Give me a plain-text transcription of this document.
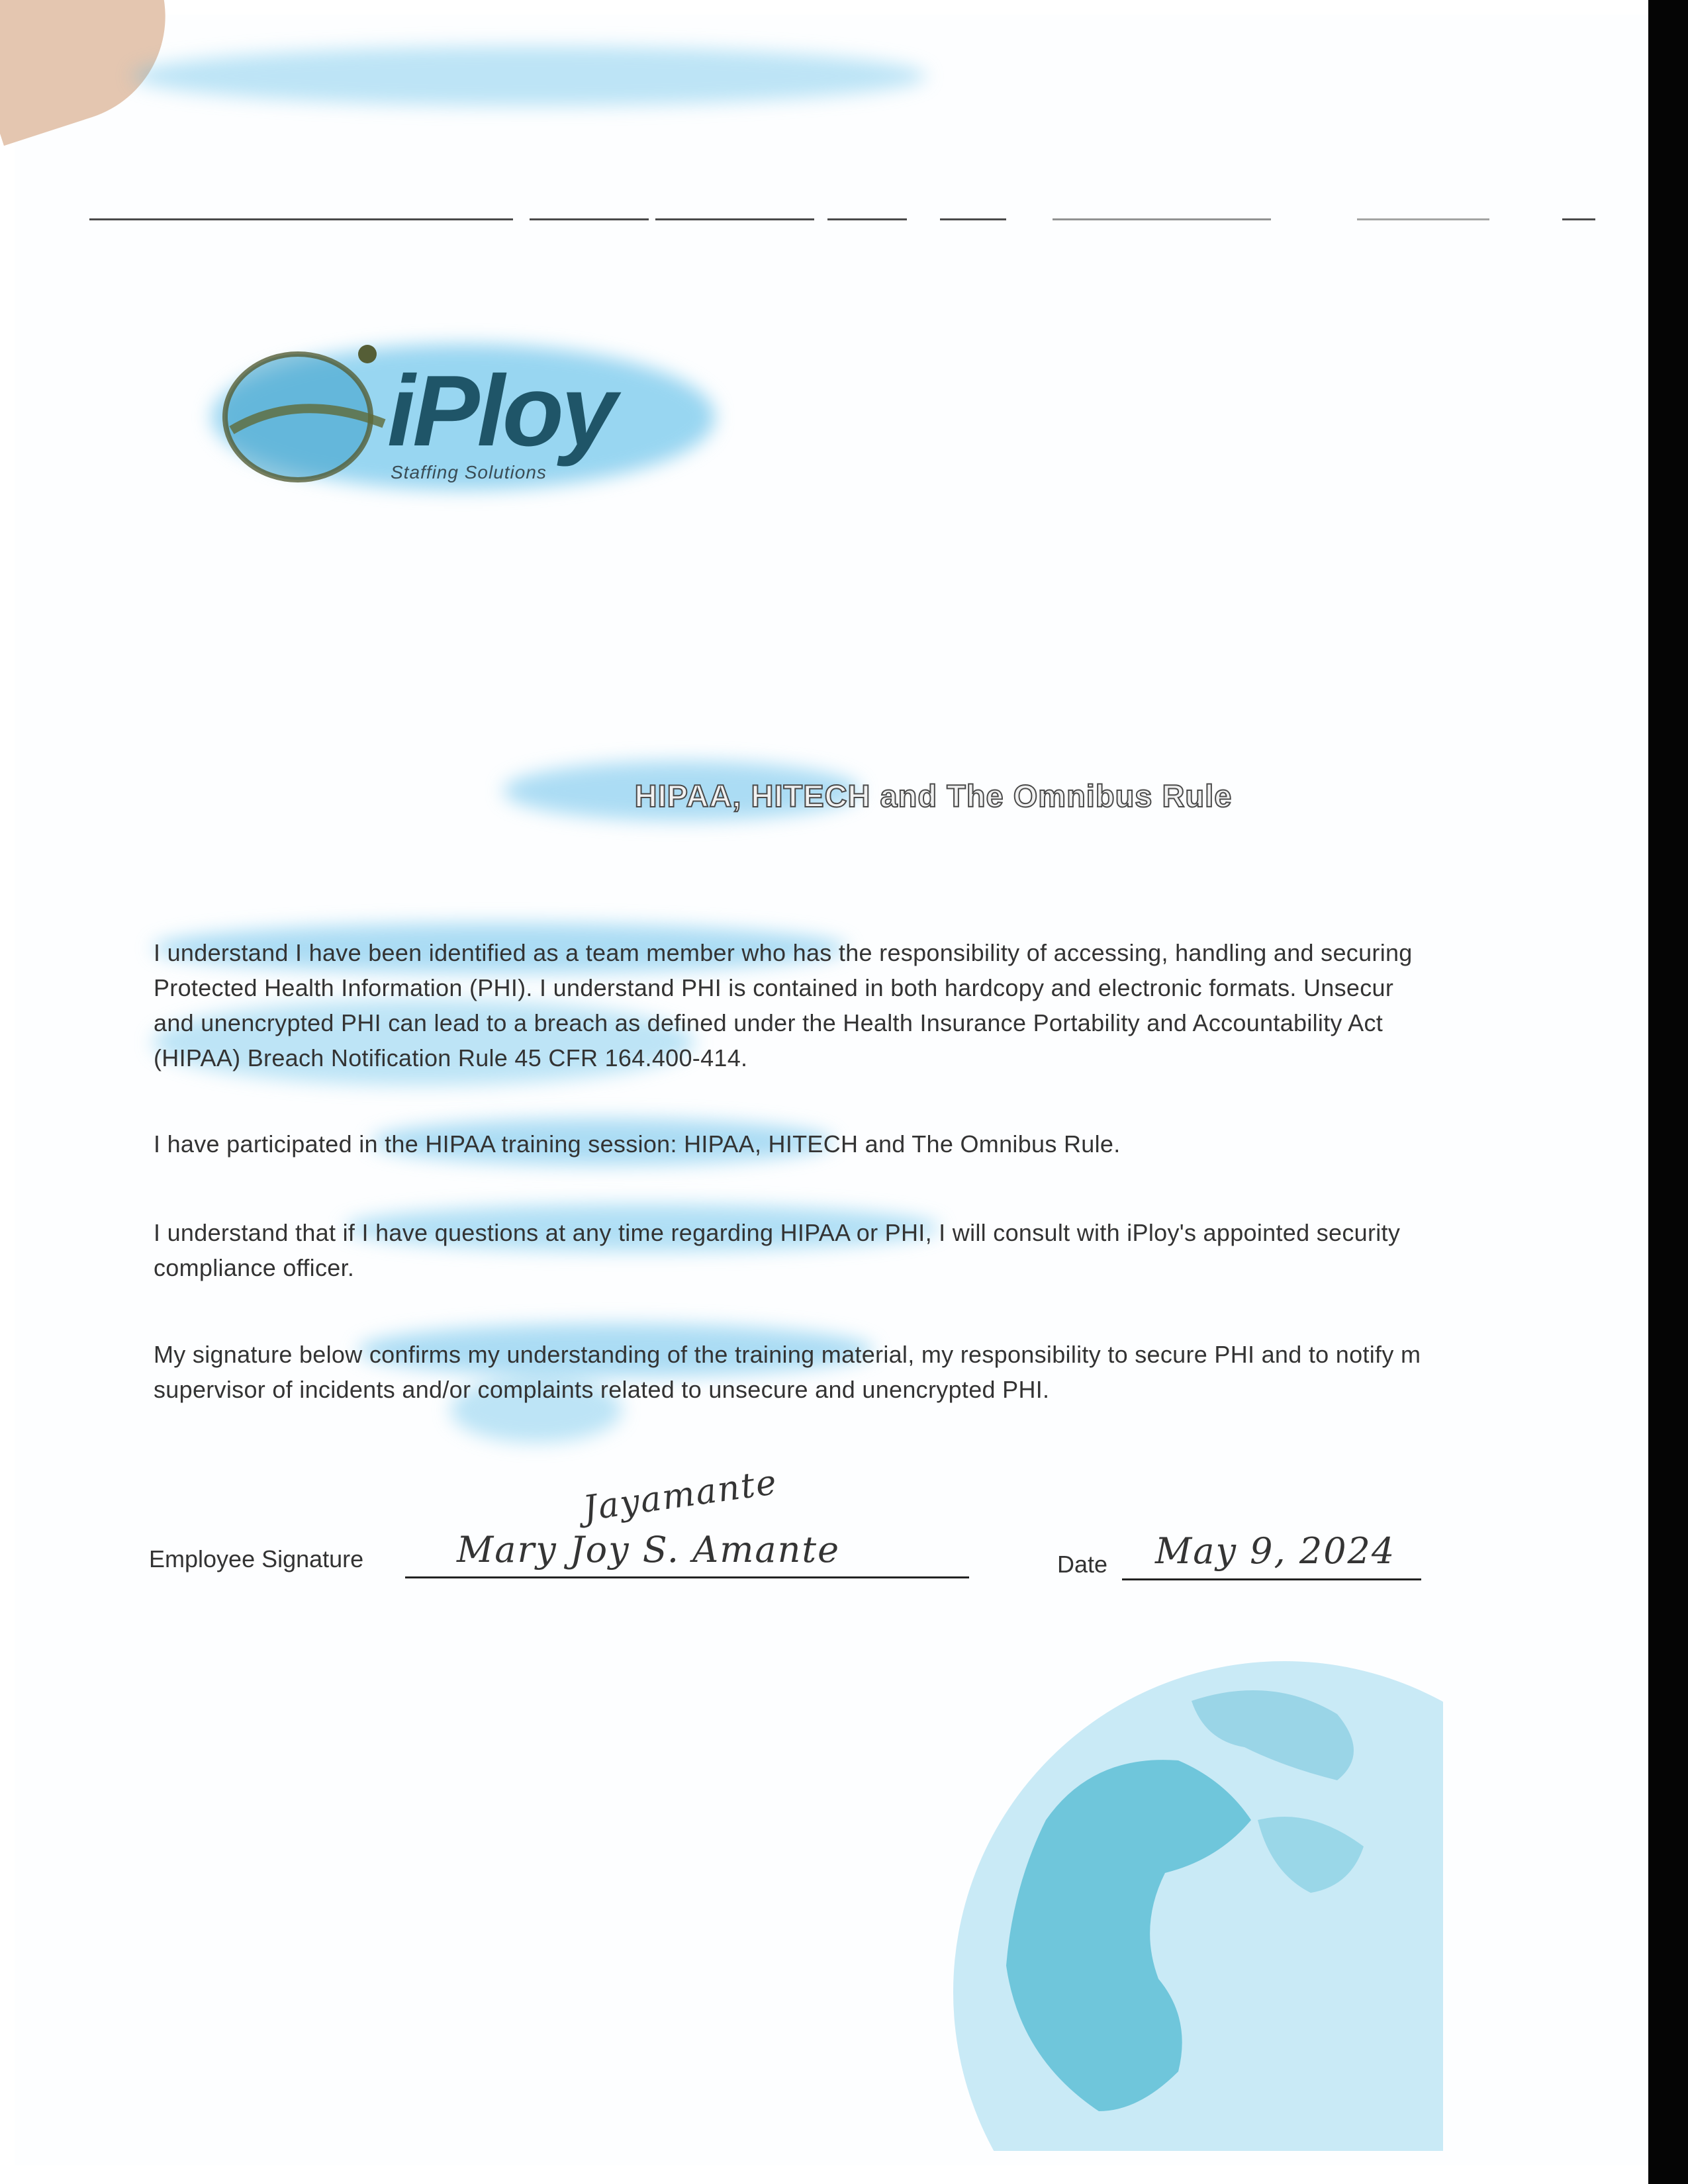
iPloy
Staffing Solutions
HIPAA, HITECH and The Omnibus Rule
I understand I have been identified as a team member who has the responsibility of accessing, handling and securing
Protected Health Information (PHI). I understand PHI is contained in both hardcopy and electronic formats. Unsecur
and unencrypted PHI can lead to a breach as defined under the Health Insurance Portability and Accountability Act
(HIPAA) Breach Notification Rule 45 CFR 164.400-414.
I have participated in the HIPAA training session: HIPAA, HITECH and The Omnibus Rule.
I understand that if I have questions at any time regarding HIPAA or PHI, I will consult with iPloy's appointed security
compliance officer.
My signature below confirms my understanding of the training material, my responsibility to secure PHI and to notify m
supervisor of incidents and/or complaints related to unsecure and unencrypted PHI.
Employee Signature
Jayamante
Mary Joy S. Amante	Date May 9, 2024
